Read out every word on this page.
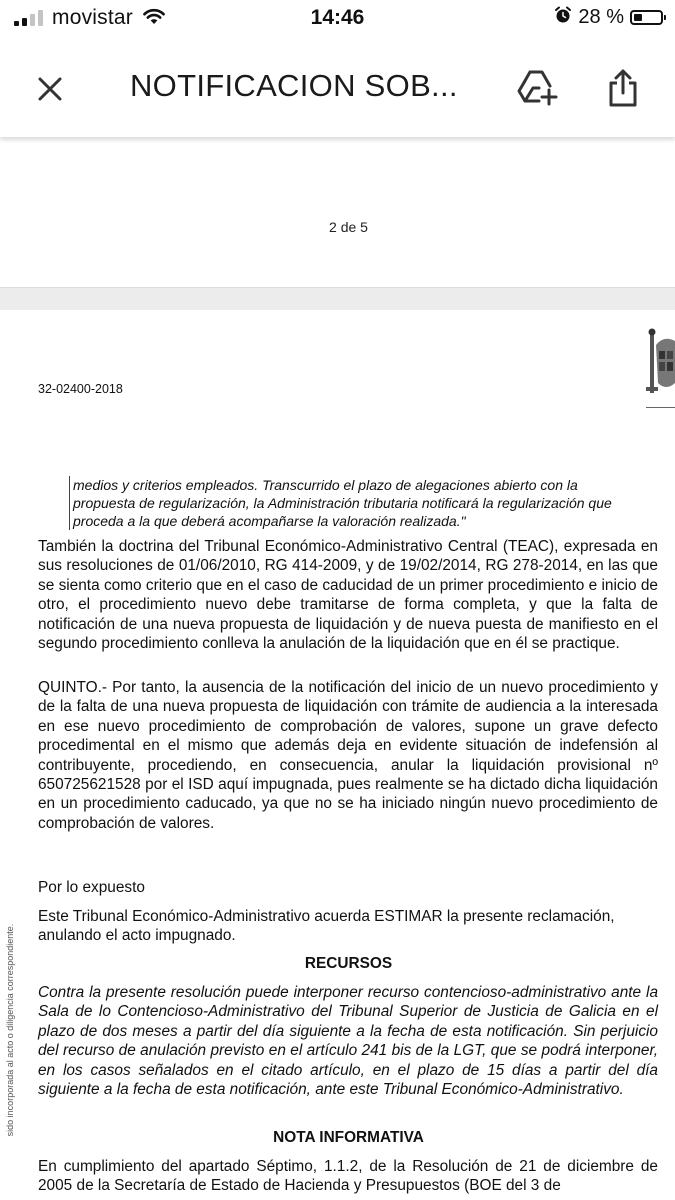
movistar	14:46	28 %
NOTIFICACION SOB...
2 de 5
32-02400-2018
medios y criterios empleados. Transcurrido el plazo de alegaciones abierto con la
propuesta de regularización, la Administración tributaria notificará la regularización que
proceda a la que deberá acompañarse la valoración realizada."
También la doctrina del Tribunal Económico-Administrativo Central (TEAC), expresada en sus resoluciones de 01/06/2010, RG 414-2009, y de 19/02/2014, RG 278-2014, en las que se sienta como criterio que en el caso de caducidad de un primer procedimiento e inicio de otro, el procedimiento nuevo debe tramitarse de forma completa, y que la falta de notificación de una nueva propuesta de liquidación y de nueva puesta de manifiesto en el segundo procedimiento conlleva la anulación de la liquidación que en él se practique.
QUINTO.- Por tanto, la ausencia de la notificación del inicio de un nuevo procedimiento y de la falta de una nueva propuesta de liquidación con trámite de audiencia a la interesada en ese nuevo procedimiento de comprobación de valores, supone un grave defecto procedimental en el mismo que además deja en evidente situación de indefensión al contribuyente, procediendo, en consecuencia, anular la liquidación provisional nº 650725621528 por el ISD aquí impugnada, pues realmente se ha dictado dicha liquidación en un procedimiento caducado, ya que no se ha iniciado ningún nuevo procedimiento de comprobación de valores.
Por lo expuesto
Este Tribunal Económico-Administrativo acuerda ESTIMAR la presente reclamación, anulando el acto impugnado.
RECURSOS
Contra la presente resolución puede interponer recurso contencioso-administrativo ante la Sala de lo Contencioso-Administrativo del Tribunal Superior de Justicia de Galicia en el plazo de dos meses a partir del día siguiente a la fecha de esta notificación. Sin perjuicio del recurso de anulación previsto en el artículo 241 bis de la LGT, que se podrá interponer, en los casos señalados en el citado artículo, en el plazo de 15 días a partir del día siguiente a la fecha de esta notificación, ante este Tribunal Económico-Administrativo.
NOTA INFORMATIVA
En cumplimiento del apartado Séptimo, 1.1.2, de la Resolución de 21 de diciembre de 2005 de la Secretaría de Estado de Hacienda y Presupuestos (BOE del 3 de
sido incorporada al acto o diligencia correspondiente.
